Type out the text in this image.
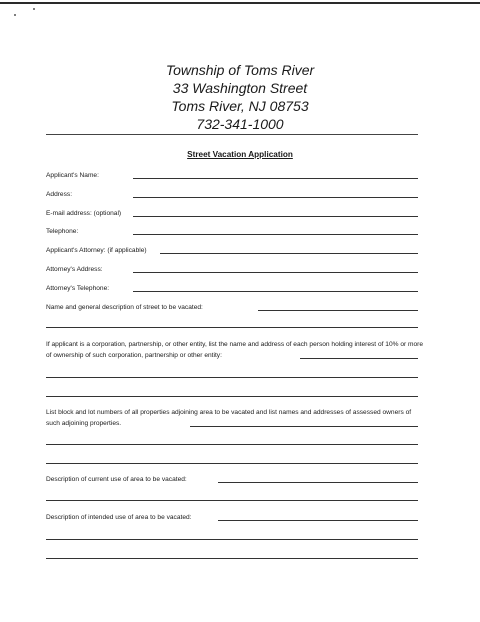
Township of Toms River
33 Washington Street
Toms River, NJ 08753
732-341-1000
Street Vacation Application
Applicant's Name:
Address:
E-mail address: (optional)
Telephone:
Applicant's Attorney: (if applicable)
Attorney's Address:
Attorney's Telephone:
Name and general description of street to be vacated:
If applicant is a corporation, partnership, or other entity, list the name and address of each person holding interest of 10% or more of ownership of such corporation, partnership or other entity:
List block and lot numbers of all properties adjoining area to be vacated and list names and addresses of assessed owners of such adjoining properties.
Description of current use of area to be vacated:
Description of intended use of area to be vacated:
